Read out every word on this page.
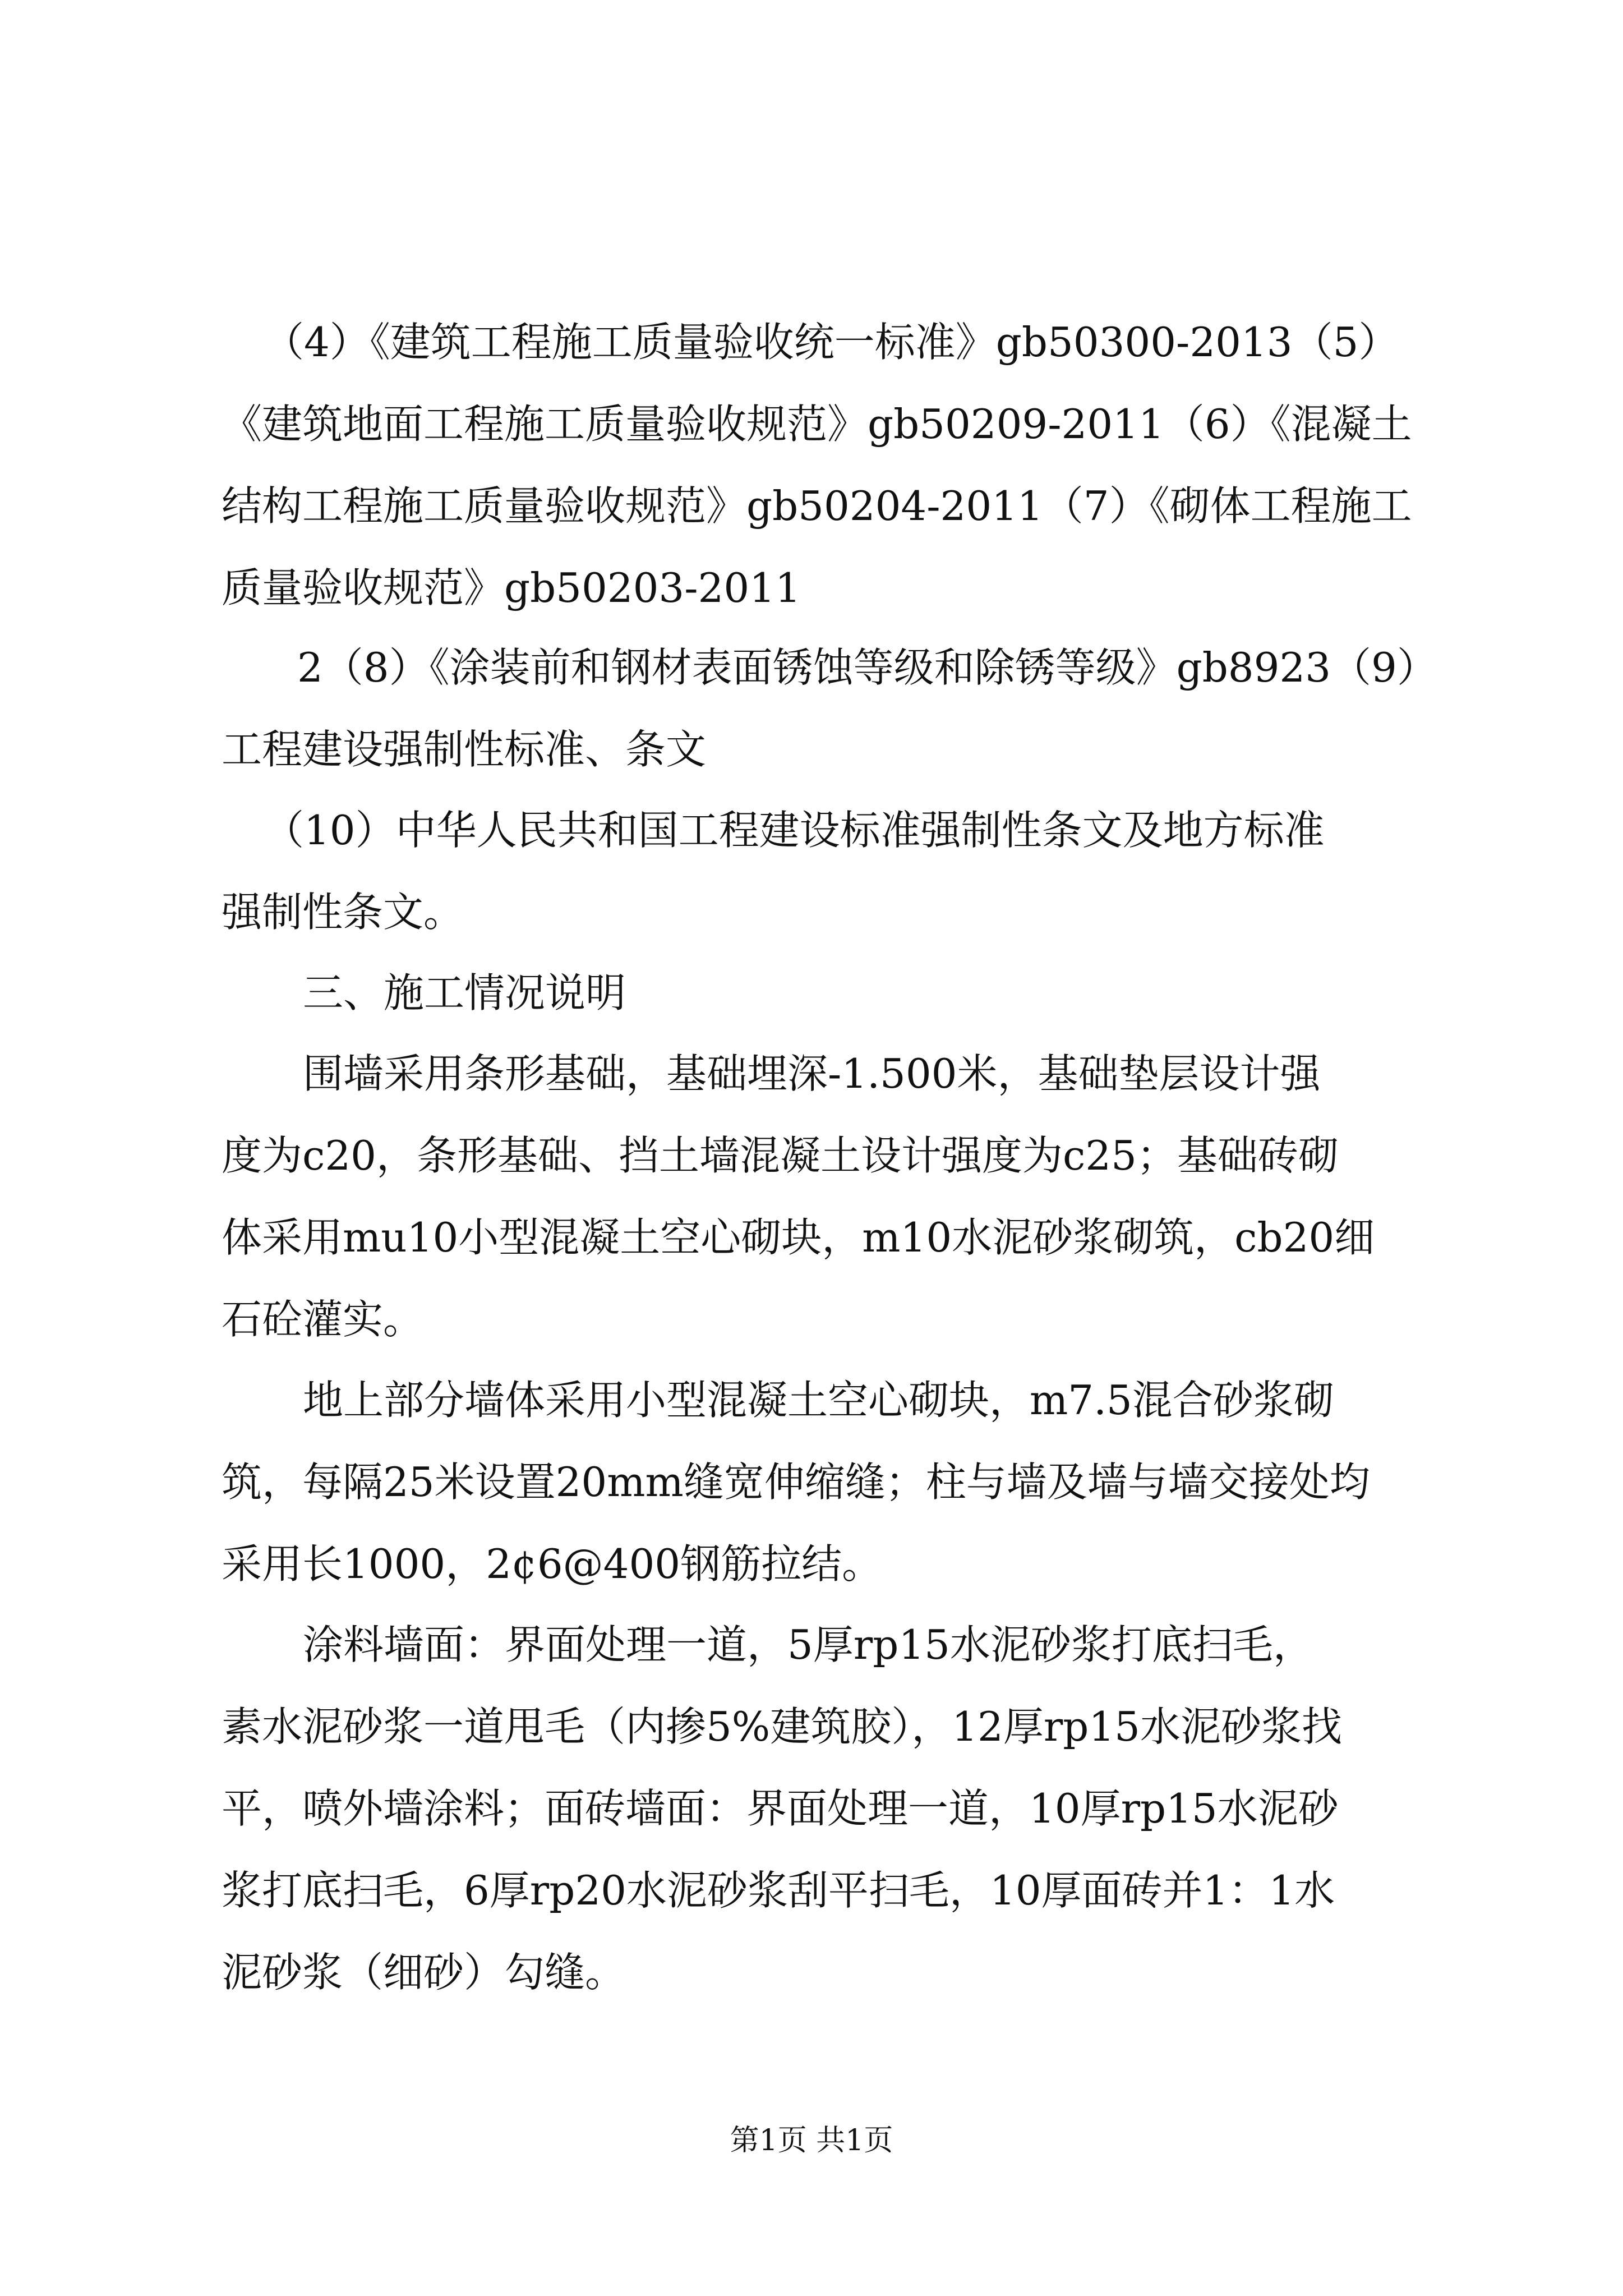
（4）《建筑工程施工质量验收统一标准》gb50300-2013（5）
《建筑地面工程施工质量验收规范》gb50209-2011（6）《混凝土
结构工程施工质量验收规范》gb50204-2011（7）《砌体工程施工
质量验收规范》gb50203-2011
2（8）《涂装前和钢材表面锈蚀等级和除锈等级》gb8923（9）
工程建设强制性标准、条文
（10）中华人民共和国工程建设标准强制性条文及地方标准
强制性条文。
三、施工情况说明
围墙采用条形基础，基础埋深-1.500米，基础垫层设计强
度为c20，条形基础、挡土墙混凝土设计强度为c25；基础砖砌
体采用mu10小型混凝土空心砌块，m10水泥砂浆砌筑，cb20细
石砼灌实。
地上部分墙体采用小型混凝土空心砌块，m7.5混合砂浆砌
筑，每隔25米设置20mm缝宽伸缩缝；柱与墙及墙与墙交接处均
采用长1000，2¢6@400钢筋拉结。
涂料墙面：界面处理一道，5厚rp15水泥砂浆打底扫毛，
素水泥砂浆一道甩毛（内掺5%建筑胶），12厚rp15水泥砂浆找
平，喷外墙涂料；面砖墙面：界面处理一道，10厚rp15水泥砂
浆打底扫毛，6厚rp20水泥砂浆刮平扫毛，10厚面砖并1：1水
泥砂浆（细砂）勾缝。
第1页 共1页
